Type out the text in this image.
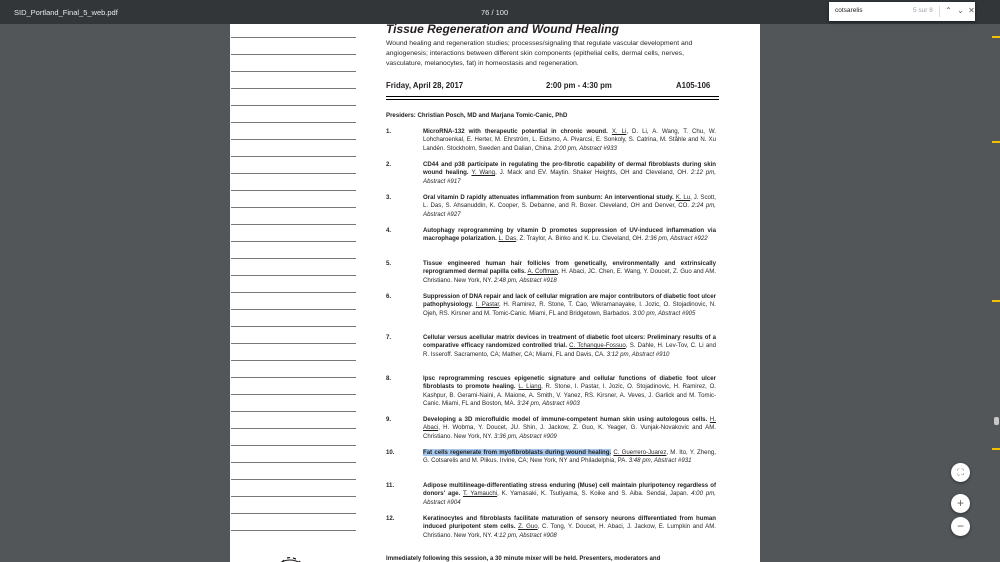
SID_Portland_Final_5_web.pdf	76 / 100	cotsarelis	5 sur 8 ⌃ ⌄ ✕
Tissue Regeneration and Wound Healing
Wound healing and regeneration studies; processes/signaling that regulate vascular development and angiogenesis; interactions between different skin components (epithelial cells, dermal cells, nerves, vasculature, melanocytes, fat) in homeostasis and regeneration.
Friday, April 28, 2017	2:00 pm - 4:30 pm	A105-106
Presiders: Christian Posch, MD and Marjana Tomic-Canic, PhD
1.	MicroRNA-132 with therapeutic potential in chronic wound. X. Li, D. Li, A. Wang, T. Chu, W. Lohcharoenkal, E. Herter, M. Ehrström, L. Eidsmo, A. Pivarcsi, E. Sonkoly, S. Catrina, M. Ståhle and N. Xu Landén. Stockholm, Sweden and Dalian, China. 2:00 pm, Abstract #933
2.	CD44 and p38 participate in regulating the pro-fibrotic capability of dermal fibroblasts during skin wound healing. Y. Wang, J. Mack and EV. Maytin. Shaker Heights, OH and Cleveland, OH. 2:12 pm, Abstract #917
3.	Oral vitamin D rapidly attenuates inflammation from sunburn: An interventional study. K. Lu, J. Scott, L. Das, S. Ahsanuddin, K. Cooper, S. Debanne, and R. Boxer. Cleveland, OH and Denver, CO. 2:24 pm, Abstract #927
4.	Autophagy reprogramming by vitamin D promotes suppression of UV-induced inflammation via macrophage polarization. L. Das, Z. Traylor, A. Binko and K. Lu. Cleveland, OH. 2:36 pm, Abstract #922
5.	Tissue engineered human hair follicles from genetically, environmentally and extrinsically reprogrammed dermal papilla cells. A. Coffman, H. Abaci, JC. Chen, E. Wang, Y. Doucet, Z. Guo and AM. Christiano. New York, NY. 2:48 pm, Abstract #918
6.	Suppression of DNA repair and lack of cellular migration are major contributors of diabetic foot ulcer pathophysiology. I. Pastar, H. Ramirez, R. Stone, T. Cao, Wikramanayake, I. Jozic, O. Stojadinovic, N. Ojeh, RS. Kirsner and M. Tomic-Canic. Miami, FL and Bridgetown, Barbados. 3:00 pm, Abstract #905
7.	Cellular versus acellular matrix devices in treatment of diabetic foot ulcers: Preliminary results of a comparative efficacy randomized controlled trial. C. Tchanque-Fossuo, S. Dahle, H. Lev-Tov, C. Li and R. Isseroff. Sacramento, CA; Mather, CA; Miami, FL and Davis, CA. 3:12 pm, Abstract #910
8.	Ipsc reprogramming rescues epigenetic signature and cellular functions of diabetic foot ulcer fibroblasts to promote healing. L. Liang, R. Stone, I. Pastar, I. Jozic, O. Stojadinovic, H. Ramirez, O. Kashpur, B. Gerami-Naini, A. Maione, A. Smith, V. Yanez, RS. Kirsner, A. Veves, J. Garlick and M. Tomic-Canic. Miami, FL and Boston, MA. 3:24 pm, Abstract #903
9.	Developing a 3D microfluidic model of immune-competent human skin using autologous cells. H. Abaci, H. Wobma, Y. Doucet, JU. Shin, J. Jackow, Z. Guo, K. Yeager, G. Vunjak-Novakovic and AM. Christiano. New York, NY. 3:36 pm, Abstract #909
10.	Fat cells regenerate from myofibroblasts during wound healing. C. Guerrero-Juarez, M. Ito, Y. Zheng, G. Cotsarelis and M. Plikus. Irvine, CA; New York, NY and Philadelphia, PA. 3:48 pm, Abstract #931
11.	Adipose multilineage-differentiating stress enduring (Muse) cell maintain pluripotency regardless of donors' age. T. Yamauchi, K. Yamasaki, K. Tsutiyama, S. Koike and S. Aiba. Sendai, Japan. 4:00 pm, Abstract #904
12.	Keratinocytes and fibroblasts facilitate maturation of sensory neurons differentiated from human induced pluripotent stem cells. Z. Guo, C. Tong, Y. Doucet, H. Abaci, J. Jackow, E. Lumpkin and AM. Christiano. New York, NY. 4:12 pm, Abstract #908
Immediately following this session, a 30 minute mixer will be held. Presenters, moderators and
⛶
+
−
